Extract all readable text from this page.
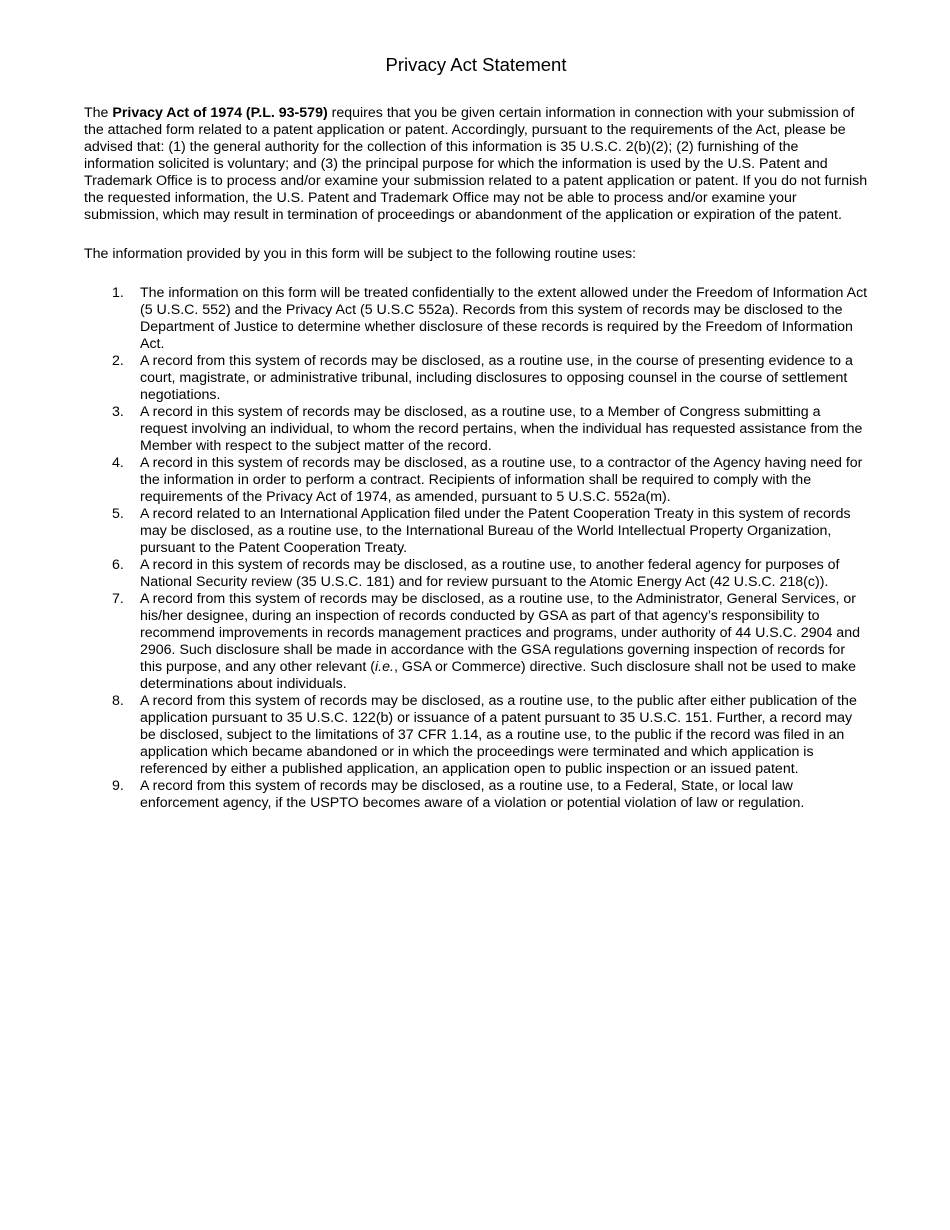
Privacy Act Statement

The Privacy Act of 1974 (P.L. 93-579) requires that you be given certain information in connection with your submission of the attached form related to a patent application or patent. Accordingly, pursuant to the requirements of the Act, please be advised that: (1) the general authority for the collection of this information is 35 U.S.C. 2(b)(2); (2) furnishing of the information solicited is voluntary; and (3) the principal purpose for which the information is used by the U.S. Patent and Trademark Office is to process and/or examine your submission related to a patent application or patent. If you do not furnish the requested information, the U.S. Patent and Trademark Office may not be able to process and/or examine your submission, which may result in termination of proceedings or abandonment of the application or expiration of the patent.

The information provided by you in this form will be subject to the following routine uses:

1. The information on this form will be treated confidentially to the extent allowed under the Freedom of Information Act (5 U.S.C. 552) and the Privacy Act (5 U.S.C 552a). Records from this system of records may be disclosed to the Department of Justice to determine whether disclosure of these records is required by the Freedom of Information Act.
2. A record from this system of records may be disclosed, as a routine use, in the course of presenting evidence to a court, magistrate, or administrative tribunal, including disclosures to opposing counsel in the course of settlement negotiations.
3. A record in this system of records may be disclosed, as a routine use, to a Member of Congress submitting a request involving an individual, to whom the record pertains, when the individual has requested assistance from the Member with respect to the subject matter of the record.
4. A record in this system of records may be disclosed, as a routine use, to a contractor of the Agency having need for the information in order to perform a contract. Recipients of information shall be required to comply with the requirements of the Privacy Act of 1974, as amended, pursuant to 5 U.S.C. 552a(m).
5. A record related to an International Application filed under the Patent Cooperation Treaty in this system of records may be disclosed, as a routine use, to the International Bureau of the World Intellectual Property Organization, pursuant to the Patent Cooperation Treaty.
6. A record in this system of records may be disclosed, as a routine use, to another federal agency for purposes of National Security review (35 U.S.C. 181) and for review pursuant to the Atomic Energy Act (42 U.S.C. 218(c)).
7. A record from this system of records may be disclosed, as a routine use, to the Administrator, General Services, or his/her designee, during an inspection of records conducted by GSA as part of that agency’s responsibility to recommend improvements in records management practices and programs, under authority of 44 U.S.C. 2904 and 2906. Such disclosure shall be made in accordance with the GSA regulations governing inspection of records for this purpose, and any other relevant (i.e., GSA or Commerce) directive. Such disclosure shall not be used to make determinations about individuals.
8. A record from this system of records may be disclosed, as a routine use, to the public after either publication of the application pursuant to 35 U.S.C. 122(b) or issuance of a patent pursuant to 35 U.S.C. 151. Further, a record may be disclosed, subject to the limitations of 37 CFR 1.14, as a routine use, to the public if the record was filed in an application which became abandoned or in which the proceedings were terminated and which application is referenced by either a published application, an application open to public inspection or an issued patent.
9. A record from this system of records may be disclosed, as a routine use, to a Federal, State, or local law enforcement agency, if the USPTO becomes aware of a violation or potential violation of law or regulation.
